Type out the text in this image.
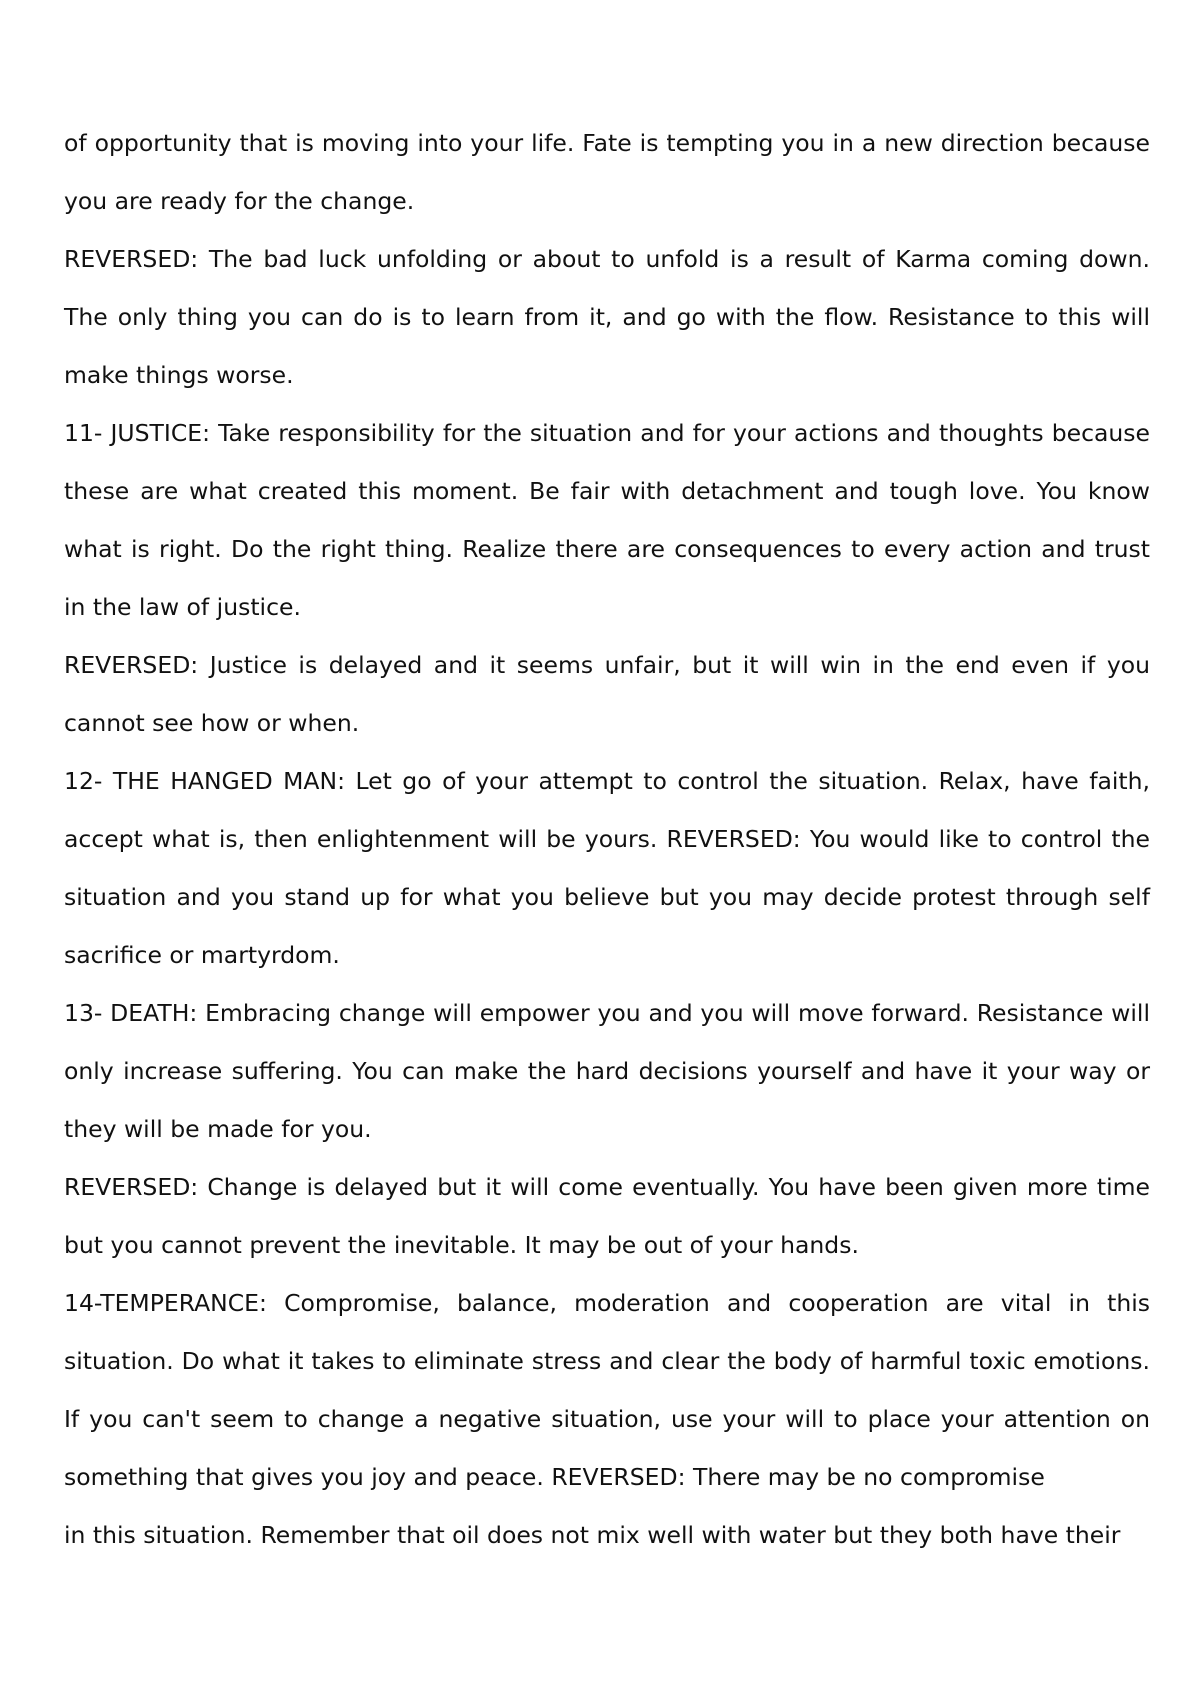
of opportunity that is moving into your life. Fate is tempting you in a new direction because you are ready for the change.

REVERSED: The bad luck unfolding or about to unfold is a result of Karma coming down. The only thing you can do is to learn from it, and go with the flow. Resistance to this will make things worse.

11- JUSTICE: Take responsibility for the situation and for your actions and thoughts because these are what created this moment. Be fair with detachment and tough love. You know what is right. Do the right thing. Realize there are consequences to every action and trust in the law of justice.

REVERSED: Justice is delayed and it seems unfair, but it will win in the end even if you cannot see how or when.

12- THE HANGED MAN: Let go of your attempt to control the situation. Relax, have faith, accept what is, then enlightenment will be yours. REVERSED: You would like to control the situation and you stand up for what you believe but you may decide protest through self sacrifice or martyrdom.

13- DEATH: Embracing change will empower you and you will move forward. Resistance will only increase suffering. You can make the hard decisions yourself and have it your way or they will be made for you.

REVERSED: Change is delayed but it will come eventually. You have been given more time but you cannot prevent the inevitable. It may be out of your hands.

14-TEMPERANCE: Compromise, balance, moderation and cooperation are vital in this situation. Do what it takes to eliminate stress and clear the body of harmful toxic emotions. If you can't seem to change a negative situation, use your will to place your attention on something that gives you joy and peace. REVERSED: There may be no compromise

in this situation. Remember that oil does not mix well with water but they both have their
